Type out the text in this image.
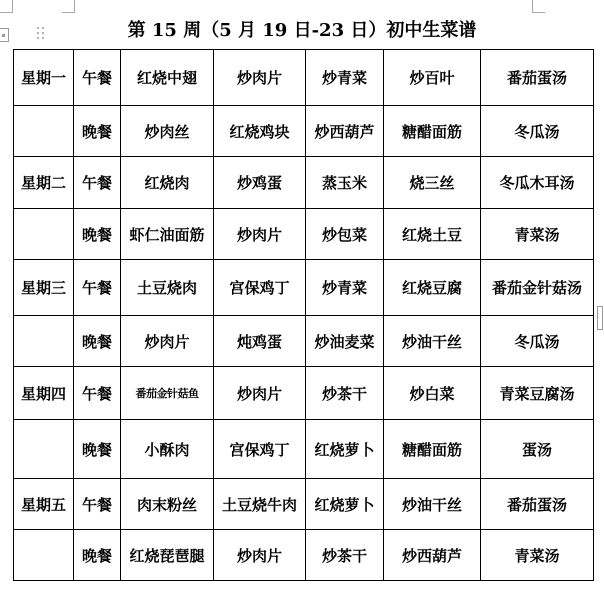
第 15 周（5 月 19 日-23 日）初中生菜谱
星期一	午餐	红烧中翅	炒肉片	炒青菜	炒百叶	番茄蛋汤
	晚餐	炒肉丝	红烧鸡块	炒西葫芦	糖醋面筋	冬瓜汤
星期二	午餐	红烧肉	炒鸡蛋	蒸玉米	烧三丝	冬瓜木耳汤
	晚餐	虾仁油面筋	炒肉片	炒包菜	红烧土豆	青菜汤
星期三	午餐	土豆烧肉	宫保鸡丁	炒青菜	红烧豆腐	番茄金针菇汤
	晚餐	炒肉片	炖鸡蛋	炒油麦菜	炒油干丝	冬瓜汤
星期四	午餐	番茄金针菇鱼	炒肉片	炒茶干	炒白菜	青菜豆腐汤
	晚餐	小酥肉	宫保鸡丁	红烧萝卜	糖醋面筋	蛋汤
星期五	午餐	肉末粉丝	土豆烧牛肉	红烧萝卜	炒油干丝	番茄蛋汤
	晚餐	红烧琵琶腿	炒肉片	炒茶干	炒西葫芦	青菜汤
